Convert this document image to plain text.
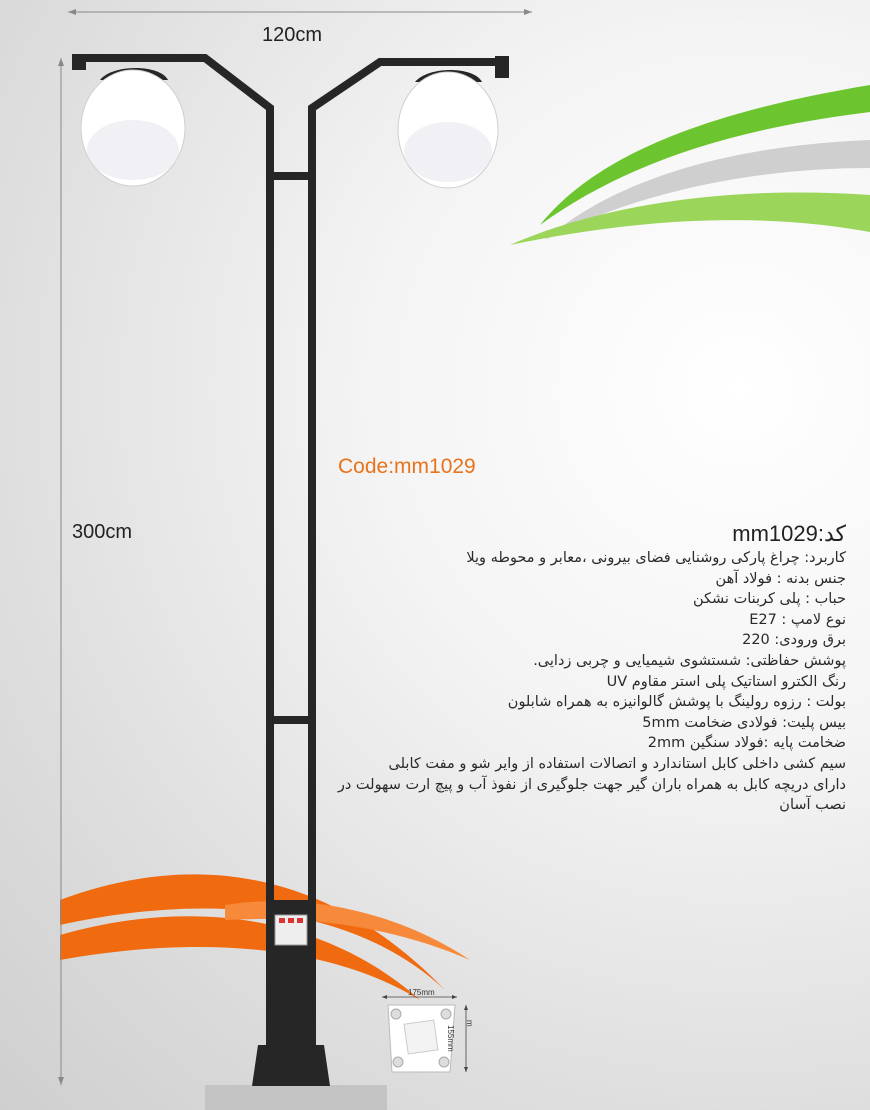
120cm
300cm
Code:mm1029
175mm
155mm
m
کد:mm1029
کاربرد: چراغ پارکی روشنایی فضای بیرونی ،معابر و محوطه ویلا
جنس بدنه : فولاد آهن
حباب : پلی کربنات نشکن
نوع لامپ : E27
برق ورودی: 220
پوشش حفاظتی: شستشوی شیمیایی و چربی زدایی.
رنگ الکترو استاتیک پلی استر مقاوم UV
بولت : رزوه رولینگ با پوشش گالوانیزه به همراه شابلون
بیس پلیت: فولادی ضخامت 5mm
ضخامت پایه :فولاد سنگین 2mm
سیم کشی داخلی کابل استاندارد و اتصالات استفاده از وایر شو و مفت کابلی
دارای دریچه کابل به همراه باران گیر جهت جلوگیری از نفوذ آب و پیچ ارت سهولت در نصب آسان
